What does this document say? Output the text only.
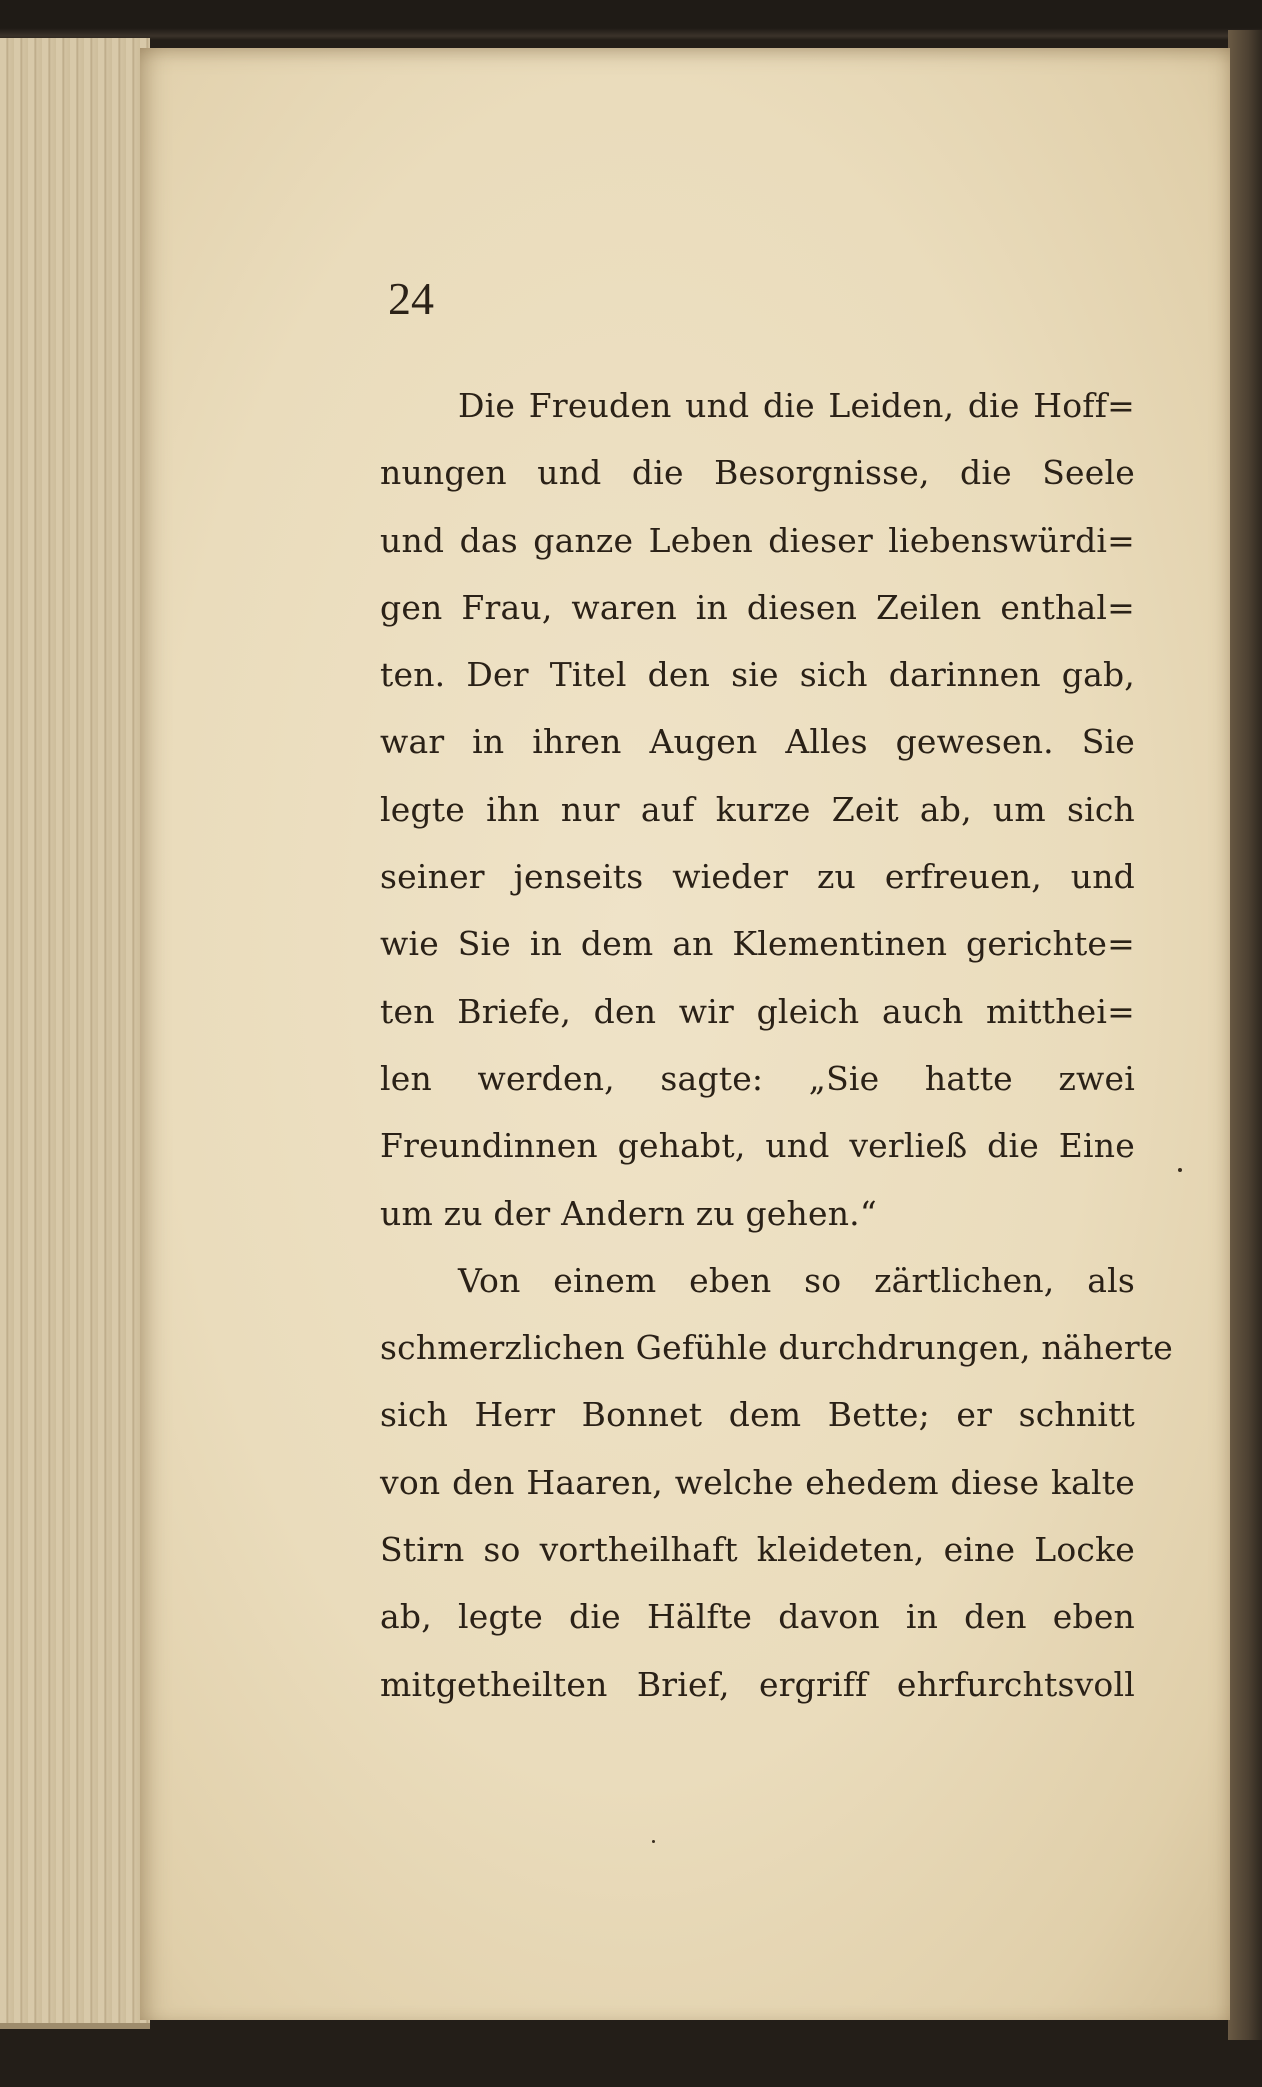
24
Die Freuden und die Leiden, die Hoff=
nungen und die Besorgnisse, die Seele
und das ganze Leben dieser liebenswürdi=
gen Frau, waren in diesen Zeilen enthal=
ten. Der Titel den sie sich darinnen gab,
war in ihren Augen Alles gewesen. Sie
legte ihn nur auf kurze Zeit ab, um sich
seiner jenseits wieder zu erfreuen, und
wie Sie in dem an Klementinen gerichte=
ten Briefe, den wir gleich auch mitthei=
len werden, sagte: „Sie hatte zwei
Freundinnen gehabt, und verließ die Eine
um zu der Andern zu gehen.“
Von einem eben so zärtlichen, als
schmerzlichen Gefühle durchdrungen, näherte
sich Herr Bonnet dem Bette; er schnitt
von den Haaren, welche ehedem diese kalte
Stirn so vortheilhaft kleideten, eine Locke
ab, legte die Hälfte davon in den eben
mitgetheilten Brief, ergriff ehrfurchtsvoll
